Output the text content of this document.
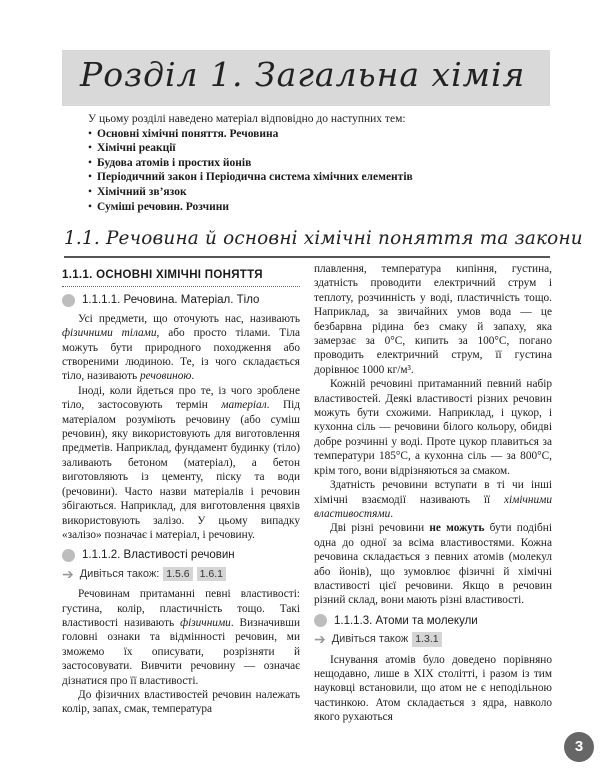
Розділ 1. Загальна хімія
У цьому розділі наведено матеріал відповідно до наступних тем:
• Основні хімічні поняття. Речовина
• Хімічні реакції
• Будова атомів і простих йонів
• Періодичний закон і Періодична система хімічних елементів
• Хімічний зв’язок
• Суміші речовин. Розчини
1.1. Речовина й основні хімічні поняття та закони
1.1.1. ОСНОВНІ ХІМІЧНІ ПОНЯТТЯ
1.1.1.1. Речовина. Матеріал. Тіло

Усі предмети, що оточують нас, називають фізичними тілами, або просто тілами. Тіла можуть бути природного походження або створеними людиною. Те, із чого складається тіло, називають речовиною.

Іноді, коли йдеться про те, із чого зроблене тіло, застосовують термін матеріал. Під матеріалом розуміють речовину (або суміш речовин), яку використовують для виготовлення предметів. Наприклад, фундамент будинку (тіло) заливають бетоном (матеріал), а бетон виготовляють із цементу, піску та води (речовини). Часто назви матеріалів і речовин збігаються. Наприклад, для виготовлення цвяхів використовують залізо. У цьому випадку «залізо» позначає і матеріал, і речовину.

1.1.1.2. Властивості речовин
➔ Дивіться також: 1.5.6 1.6.1

Речовинам притаманні певні властивості: густина, колір, пластичність тощо. Такі властивості називають фізичними. Визначивши головні ознаки та відмінності речовин, ми зможемо їх описувати, розрізняти й застосовувати. Вивчити речовину — означає дізнатися про її властивості.

До фізичних властивостей речовин належать колір, запах, смак, температура

плавлення, температура кипіння, густина, здатність проводити електричний струм і теплоту, розчинність у воді, пластичність тощо. Наприклад, за звичайних умов вода — це безбарвна рідина без смаку й запаху, яка замерзає за 0°C, кипить за 100°C, погано проводить електричний струм, її густина дорівнює 1000 кг/м³.

Кожній речовині притаманний певний набір властивостей. Деякі властивості різних речовин можуть бути схожими. Наприклад, і цукор, і кухонна сіль — речовини білого кольору, обидві добре розчинні у воді. Проте цукор плавиться за температури 185°C, а кухонна сіль — за 800°C, крім того, вони відрізняються за смаком.

Здатність речовини вступати в ті чи інші хімічні взаємодії називають її хімічними властивостями.

Дві різні речовини не можуть бути подібні одна до одної за всіма властивостями. Кожна речовина складається з певних атомів (молекул або йонів), що зумовлює фізичні й хімічні властивості цієї речовини. Якщо в речовин різний склад, вони мають різні властивості.

1.1.1.3. Атоми та молекули
➔ Дивіться також 1.3.1

Існування атомів було доведено порівняно нещодавно, лише в XIX столітті, і разом із тим науковці встановили, що атом не є неподільною частинкою. Атом складається з ядра, навколо якого рухаються

3
